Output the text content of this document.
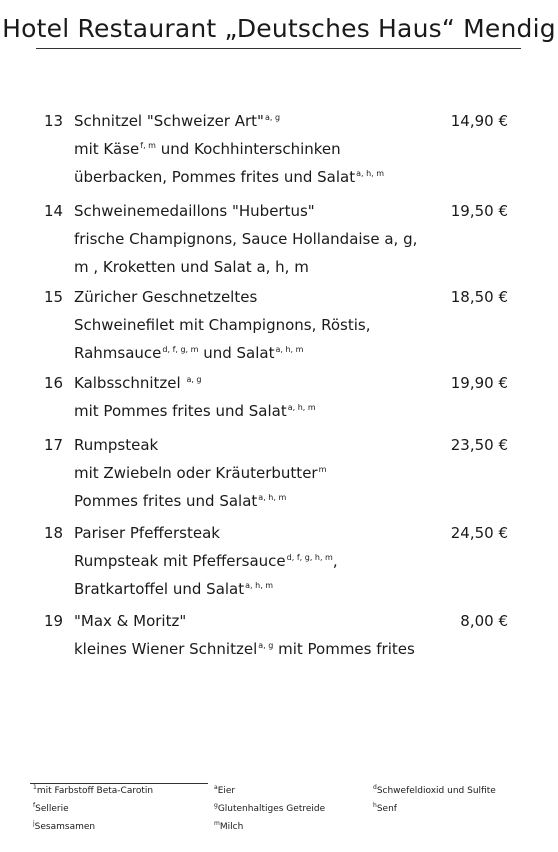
Hotel Restaurant „Deutsches Haus“ Mendig
13	14,90 €
Schnitzel "Schweizer Art"$^{a, g}$
mit Käse$^{f, m}$ und Kochhinterschinken
überbacken, Pommes frites und Salat$^{a, h, m}$
14	19,50 €
Schweinemedaillons "Hubertus"
frische Champignons, Sauce Hollandaise a, g,
m , Kroketten und Salat a, h, m
15	18,50 €
Züricher Geschnetzeltes
Schweinefilet mit Champignons, Röstis,
Rahmsauce$^{d, f, g, m}$ und Salat$^{a, h, m}$
16	19,90 €
Kalbsschnitzel $^{a, g}$
mit Pommes frites und Salat$^{a, h, m}$
17	23,50 €
Rumpsteak
mit Zwiebeln oder Kräuterbutter$^m$
Pommes frites und Salat$^{a, h, m}$
18	24,50 €
Pariser Pfeffersteak
Rumpsteak mit Pfeffersauce$^{d, f, g, h, m}$,
Bratkartoffel und Salat$^{a, h, m}$
19	8,00 €
"Max & Moritz"
kleines Wiener Schnitzel$^{a, g}$ mit Pommes frites
$^1$mit Farbstoff Beta-Carotin	$^a$Eier	$^d$Schwefeldioxid und Sulfite
$^f$Sellerie	$^g$Glutenhaltiges Getreide	$^h$Senf
$^j$Sesamsamen	$^m$Milch
